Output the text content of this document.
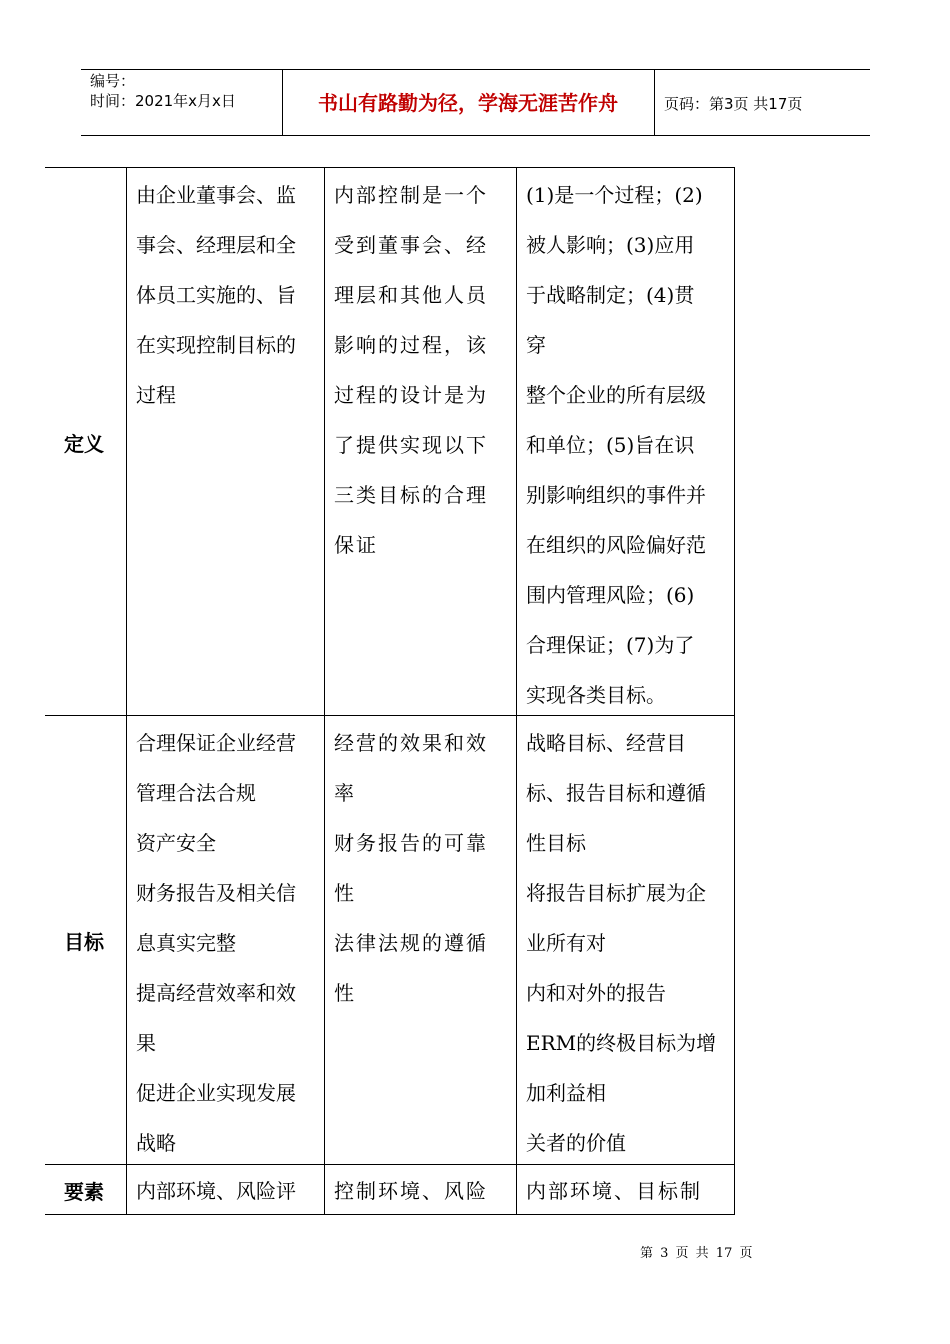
编号：
时间：2021年x月x日	书山有路勤为径，学海无涯苦作舟	页码：第3页 共17页
定义
由企业董事会、监
事会、经理层和全
体员工实施的、旨
在实现控制目标的
过程
内部控制是一个
受到董事会、经
理层和其他人员
影响的过程，该
过程的设计是为
了提供实现以下
三类目标的合理
保证
(1)是一个过程；(2)
被人影响；(3)应用
于战略制定；(4)贯
穿
整个企业的所有层级
和单位；(5)旨在识
别影响组织的事件并
在组织的风险偏好范
围内管理风险；(6)
合理保证；(7)为了
实现各类目标。
目标
合理保证企业经营
管理合法合规
资产安全
财务报告及相关信
息真实完整
提高经营效率和效
果
促进企业实现发展
战略
经营的效果和效
率
财务报告的可靠
性
法律法规的遵循
性
战略目标、经营目
标、报告目标和遵循
性目标
将报告目标扩展为企
业所有对
内和对外的报告
ERM的终极目标为增
加利益相
关者的价值
要素 内部环境、风险评 控制环境、风险 内部环境、目标制
第 3 页 共 17 页
